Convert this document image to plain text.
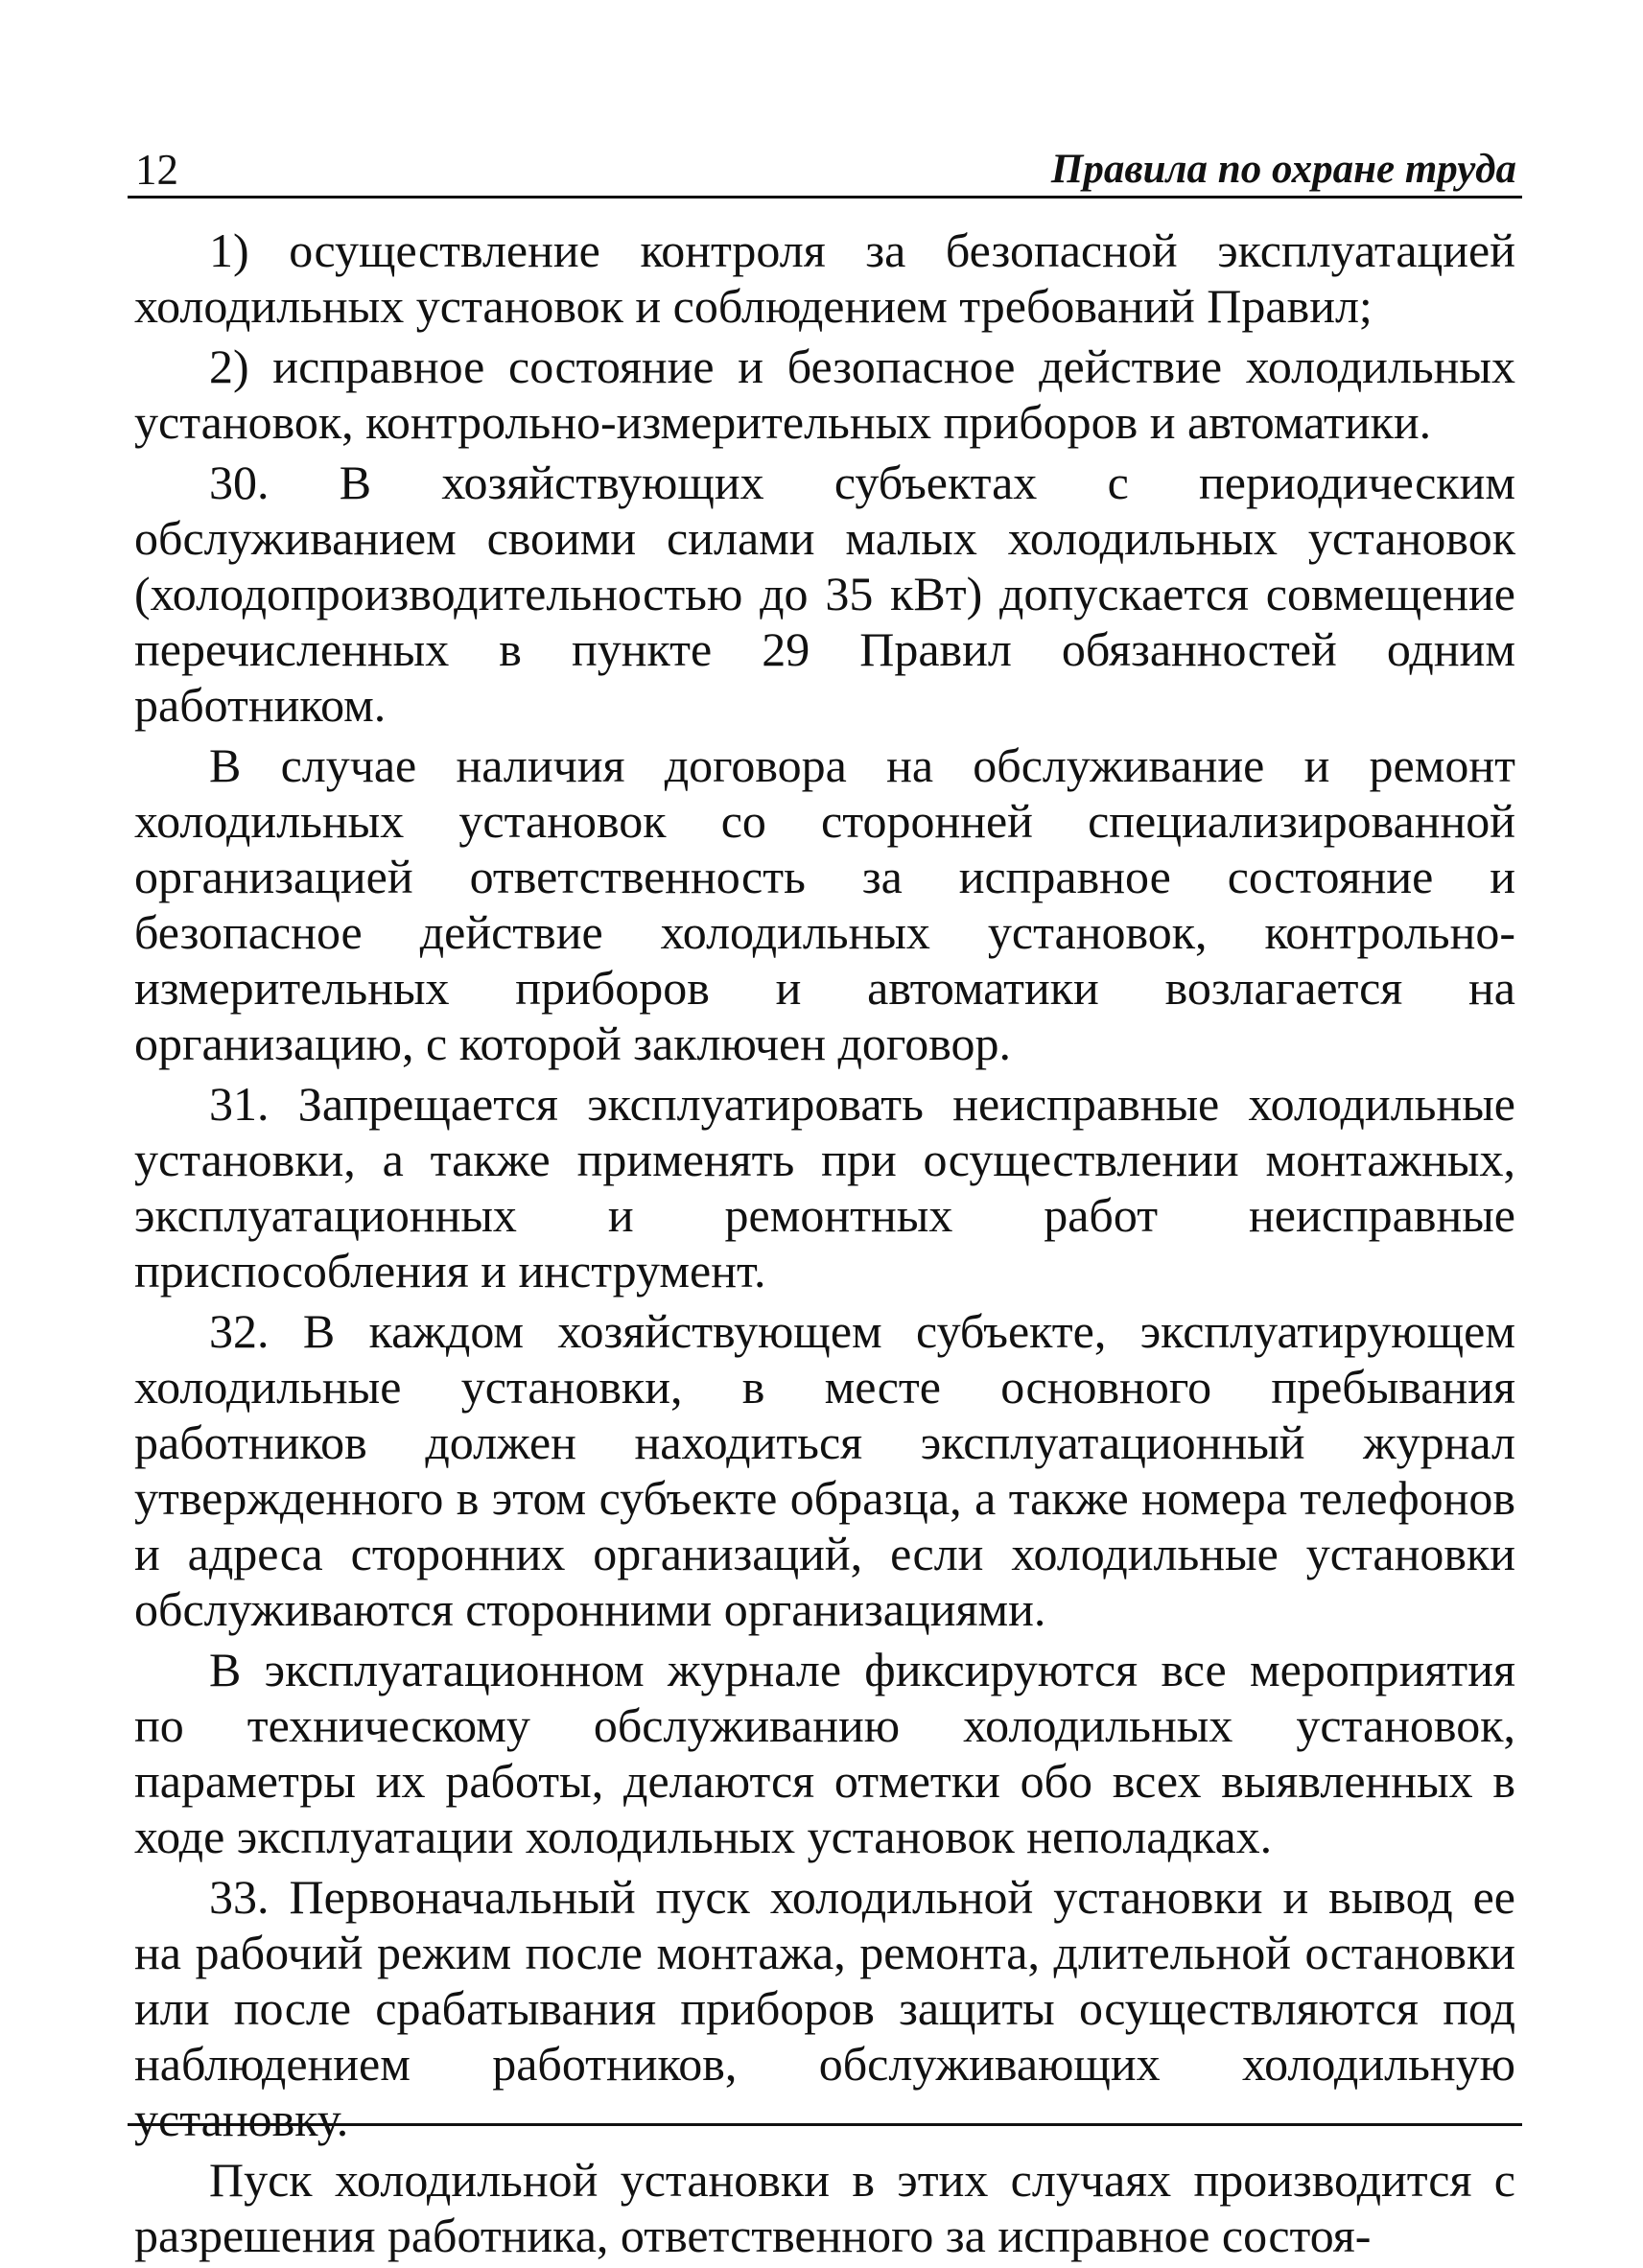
12	Правила по охране труда

1) осуществление контроля за безопасной эксплуатацией холодильных установок и соблюдением требований Правил;

2) исправное состояние и безопасное действие холодильных установок, контрольно-измерительных приборов и автоматики.

30. В хозяйствующих субъектах с периодическим обслуживанием своими силами малых холодильных установок (холодопроизводительностью до 35 кВт) допускается совмещение перечисленных в пункте 29 Правил обязанностей одним работником.

В случае наличия договора на обслуживание и ремонт холодильных установок со сторонней специализированной организацией ответственность за исправное состояние и безопасное действие холодильных установок, контрольно-измерительных приборов и автоматики возлагается на организацию, с которой заключен договор.

31. Запрещается эксплуатировать неисправные холодильные установки, а также применять при осуществлении монтажных, эксплуатационных и ремонтных работ неисправные приспособления и инструмент.

32. В каждом хозяйствующем субъекте, эксплуатирующем холодильные установки, в месте основного пребывания работников должен находиться эксплуатационный журнал утвержденного в этом субъекте образца, а также номера телефонов и адреса сторонних организаций, если холодильные установки обслуживаются сторонними организациями.

В эксплуатационном журнале фиксируются все мероприятия по техническому обслуживанию холодильных установок, параметры их работы, делаются отметки обо всех выявленных в ходе эксплуатации холодильных установок неполадках.

33. Первоначальный пуск холодильной установки и вывод ее на рабочий режим после монтажа, ремонта, длительной остановки или после срабатывания приборов защиты осуществляются под наблюдением работников, обслуживающих холодильную установку.

Пуск холодильной установки в этих случаях производится с разрешения работника, ответственного за исправное состоя-
